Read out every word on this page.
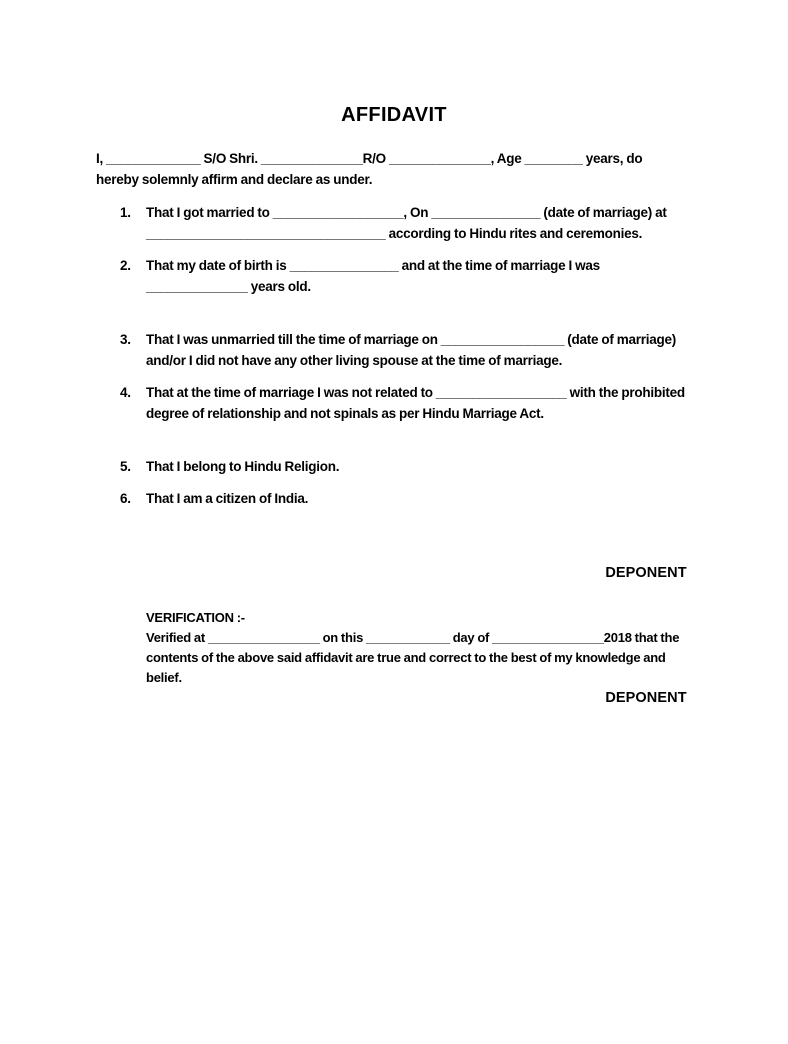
AFFIDAVIT
I, _____________ S/O Shri. ______________R/O ______________, Age ________ years, do hereby solemnly affirm and declare as under.
1.	That I got married to __________________, On _______________ (date of marriage) at _________________________________ according to Hindu rites and ceremonies.
2.	That my date of birth is _______________ and at the time of marriage I was ______________ years old.
3.	That I was unmarried till the time of marriage on _________________ (date of marriage) and/or I did not have any other living spouse at the time of marriage.
4.	That at the time of marriage I was not related to __________________ with the prohibited degree of relationship and not spinals as per Hindu Marriage Act.
5.	That I belong to Hindu Religion.
6.	That I am a citizen of India.
DEPONENT
VERIFICATION :-
Verified at ________________ on this ____________ day of ________________2018 that the contents of the above said affidavit are true and correct to the best of my knowledge and belief.
DEPONENT
